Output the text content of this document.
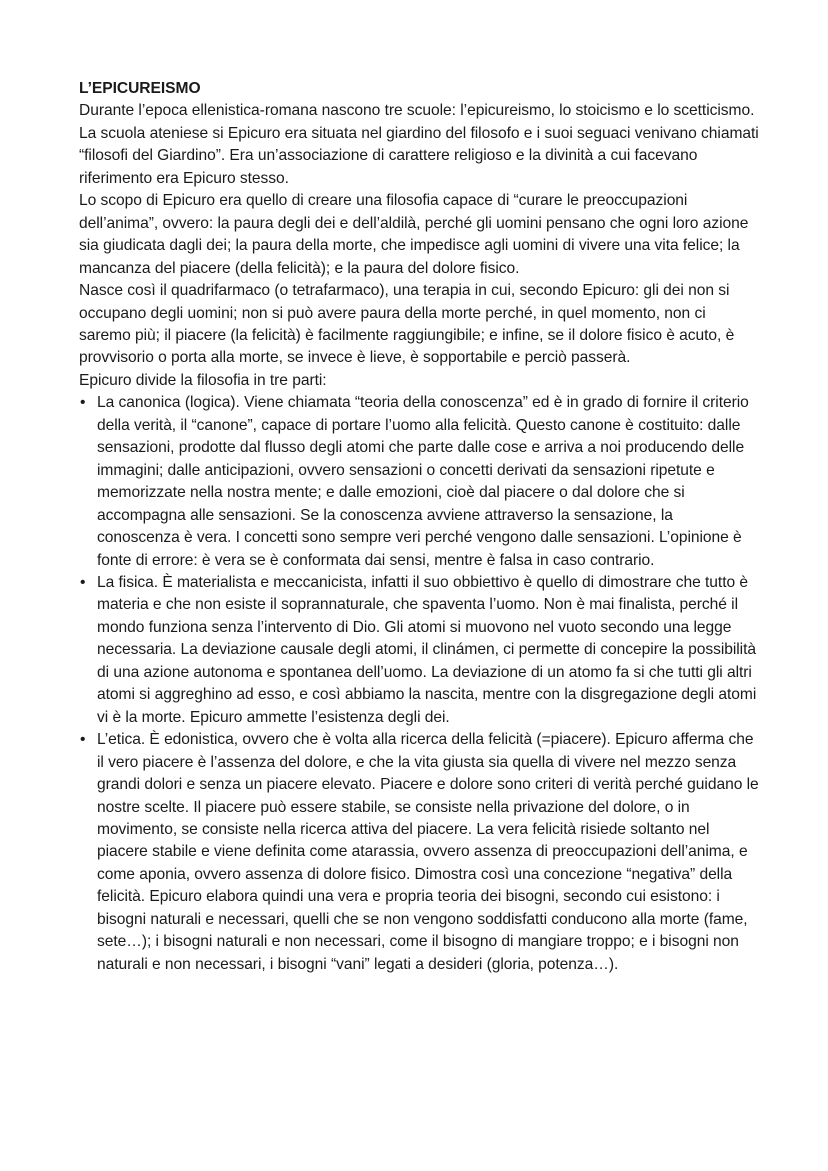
L’EPICUREISMO

Durante l’epoca ellenistica-romana nascono tre scuole: l’epicureismo, lo stoicismo e lo scetticismo.

La scuola ateniese si Epicuro era situata nel giardino del filosofo e i suoi seguaci venivano chiamati “filosofi del Giardino”. Era un’associazione di carattere religioso e la divinità a cui facevano riferimento era Epicuro stesso.

Lo scopo di Epicuro era quello di creare una filosofia capace di “curare le preoccupazioni dell’anima”, ovvero: la paura degli dei e dell’aldilà, perché gli uomini pensano che ogni loro azione sia giudicata dagli dei; la paura della morte, che impedisce agli uomini di vivere una vita felice; la mancanza del piacere (della felicità); e la paura del dolore fisico.

Nasce così il quadrifarmaco (o tetrafarmaco), una terapia in cui, secondo Epicuro: gli dei non si occupano degli uomini; non si può avere paura della morte perché, in quel momento, non ci saremo più; il piacere (la felicità) è facilmente raggiungibile; e infine, se il dolore fisico è acuto, è provvisorio o porta alla morte, se invece è lieve, è sopportabile e perciò passerà.

Epicuro divide la filosofia in tre parti:

• La canonica (logica). Viene chiamata “teoria della conoscenza” ed è in grado di fornire il criterio della verità, il “canone”, capace di portare l’uomo alla felicità. Questo canone è costituito: dalle sensazioni, prodotte dal flusso degli atomi che parte dalle cose e arriva a noi producendo delle immagini; dalle anticipazioni, ovvero sensazioni o concetti derivati da sensazioni ripetute e memorizzate nella nostra mente; e dalle emozioni, cioè dal piacere o dal dolore che si accompagna alle sensazioni. Se la conoscenza avviene attraverso la sensazione, la conoscenza è vera. I concetti sono sempre veri perché vengono dalle sensazioni. L’opinione è fonte di errore: è vera se è conformata dai sensi, mentre è falsa in caso contrario.
• La fisica. È materialista e meccanicista, infatti il suo obbiettivo è quello di dimostrare che tutto è materia e che non esiste il soprannaturale, che spaventa l’uomo. Non è mai finalista, perché il mondo funziona senza l’intervento di Dio. Gli atomi si muovono nel vuoto secondo una legge necessaria. La deviazione causale degli atomi, il clinámen, ci permette di concepire la possibilità di una azione autonoma e spontanea dell’uomo. La deviazione di un atomo fa si che tutti gli altri atomi si aggreghino ad esso, e così abbiamo la nascita, mentre con la disgregazione degli atomi vi è la morte. Epicuro ammette l’esistenza degli dei.
• L’etica. È edonistica, ovvero che è volta alla ricerca della felicità (=piacere). Epicuro afferma che il vero piacere è l’assenza del dolore, e che la vita giusta sia quella di vivere nel mezzo senza grandi dolori e senza un piacere elevato. Piacere e dolore sono criteri di verità perché guidano le nostre scelte. Il piacere può essere stabile, se consiste nella privazione del dolore, o in movimento, se consiste nella ricerca attiva del piacere. La vera felicità risiede soltanto nel piacere stabile e viene definita come atarassia, ovvero assenza di preoccupazioni dell’anima, e come aponia, ovvero assenza di dolore fisico. Dimostra così una concezione “negativa” della felicità. Epicuro elabora quindi una vera e propria teoria dei bisogni, secondo cui esistono: i bisogni naturali e necessari, quelli che se non vengono soddisfatti conducono alla morte (fame, sete…); i bisogni naturali e non necessari, come il bisogno di mangiare troppo; e i bisogni non naturali e non necessari, i bisogni “vani” legati a desideri (gloria, potenza…).
